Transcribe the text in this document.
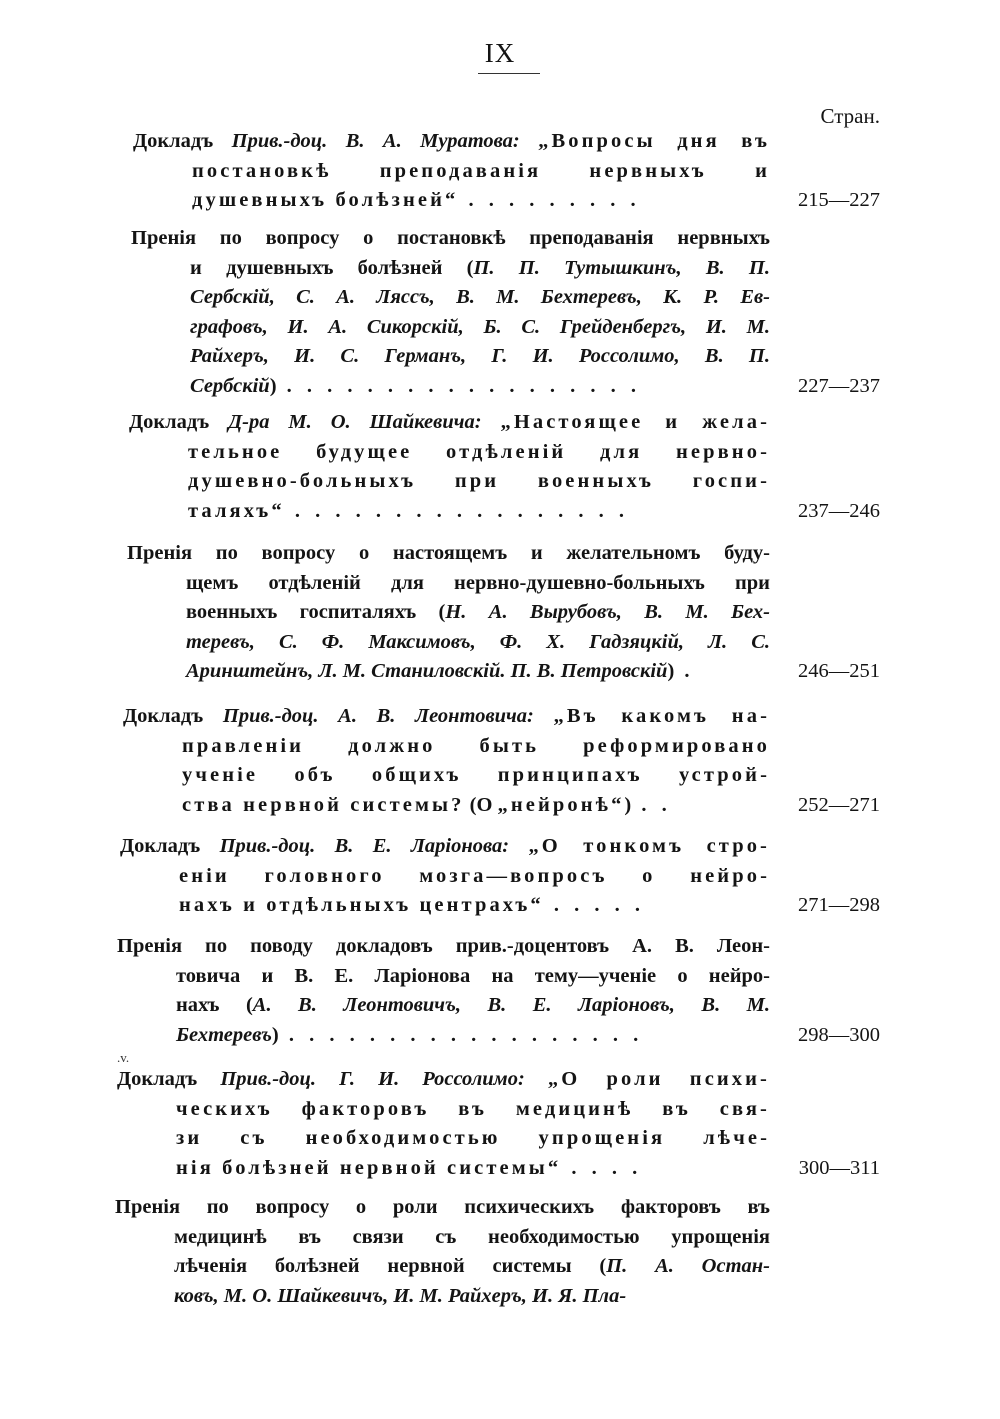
IX
Стран.
.v.
Докладъ Прив.-доц. В. А. Муратова: „Вопросы дня въ
постановкѣ преподаванія нервныхъ и
душевныхъ болѣзней“ . . . . . . . . .	215—227
Пренія по вопросу о постановкѣ преподаванія нервныхъ
и душевныхъ болѣзней (П. П. Тутышкинъ, В. П.
Сербскій, С. А. Ляссъ, В. М. Бехтеревъ, К. Р. Ев-
графовъ, И. А. Сикорскій, Б. С. Грейденбергъ, И. М.
Райхеръ, И. С. Германъ, Г. И. Россолимо, В. П.
Сербскій) . . . . . . . . . . . . . . . . . .	227—237
Докладъ Д-ра М. О. Шайкевича: „Настоящее и жела-
тельное будущее отдѣленій для нервно-
душевно-больныхъ при военныхъ госпи-
таляхъ“ . . . . . . . . . . . . . . . . .	237—246
Пренія по вопросу о настоящемъ и желательномъ буду-
щемъ отдѣленій для нервно-душевно-больныхъ при
военныхъ госпиталяхъ (Н. А. Вырубовъ, В. М. Бех-
теревъ, С. Ф. Максимовъ, Ф. Х. Гадзяцкій, Л. С.
Аринштейнъ, Л. М. Станиловскій. П. В. Петровскій) .	246—251
Докладъ Прив.-доц. А. В. Леонтовича: „Въ какомъ на-
правленіи должно быть реформировано
ученіе объ общихъ принципахъ устрой-
ства нервной системы? (О „нейронѣ“) . .	252—271
Докладъ Прив.-доц. В. Е. Ларіонова: „О тонкомъ стро-
еніи головного мозга—вопросъ о нейро-
нахъ и отдѣльныхъ центрахъ“ . . . . .	271—298
Пренія по поводу докладовъ прив.-доцентовъ А. В. Леон-
товича и В. Е. Ларіонова на тему—ученіе о нейро-
нахъ (А. В. Леонтовичъ, В. Е. Ларіоновъ, В. М.
Бехтеревъ) . . . . . . . . . . . . . . . . . .	298—300
Докладъ Прив.-доц. Г. И. Россолимо: „О роли психи-
ческихъ факторовъ въ медицинѣ въ свя-
зи съ необходимостью упрощенія лѣче-
нія болѣзней нервной системы“ . . . .	300—311
Пренія по вопросу о роли психическихъ факторовъ въ
медицинѣ въ связи съ необходимостью упрощенія
лѣченія болѣзней нервной системы (П. А. Остан-
ковъ, М. О. Шайкевичъ, И. М. Райхеръ, И. Я. Пла-
